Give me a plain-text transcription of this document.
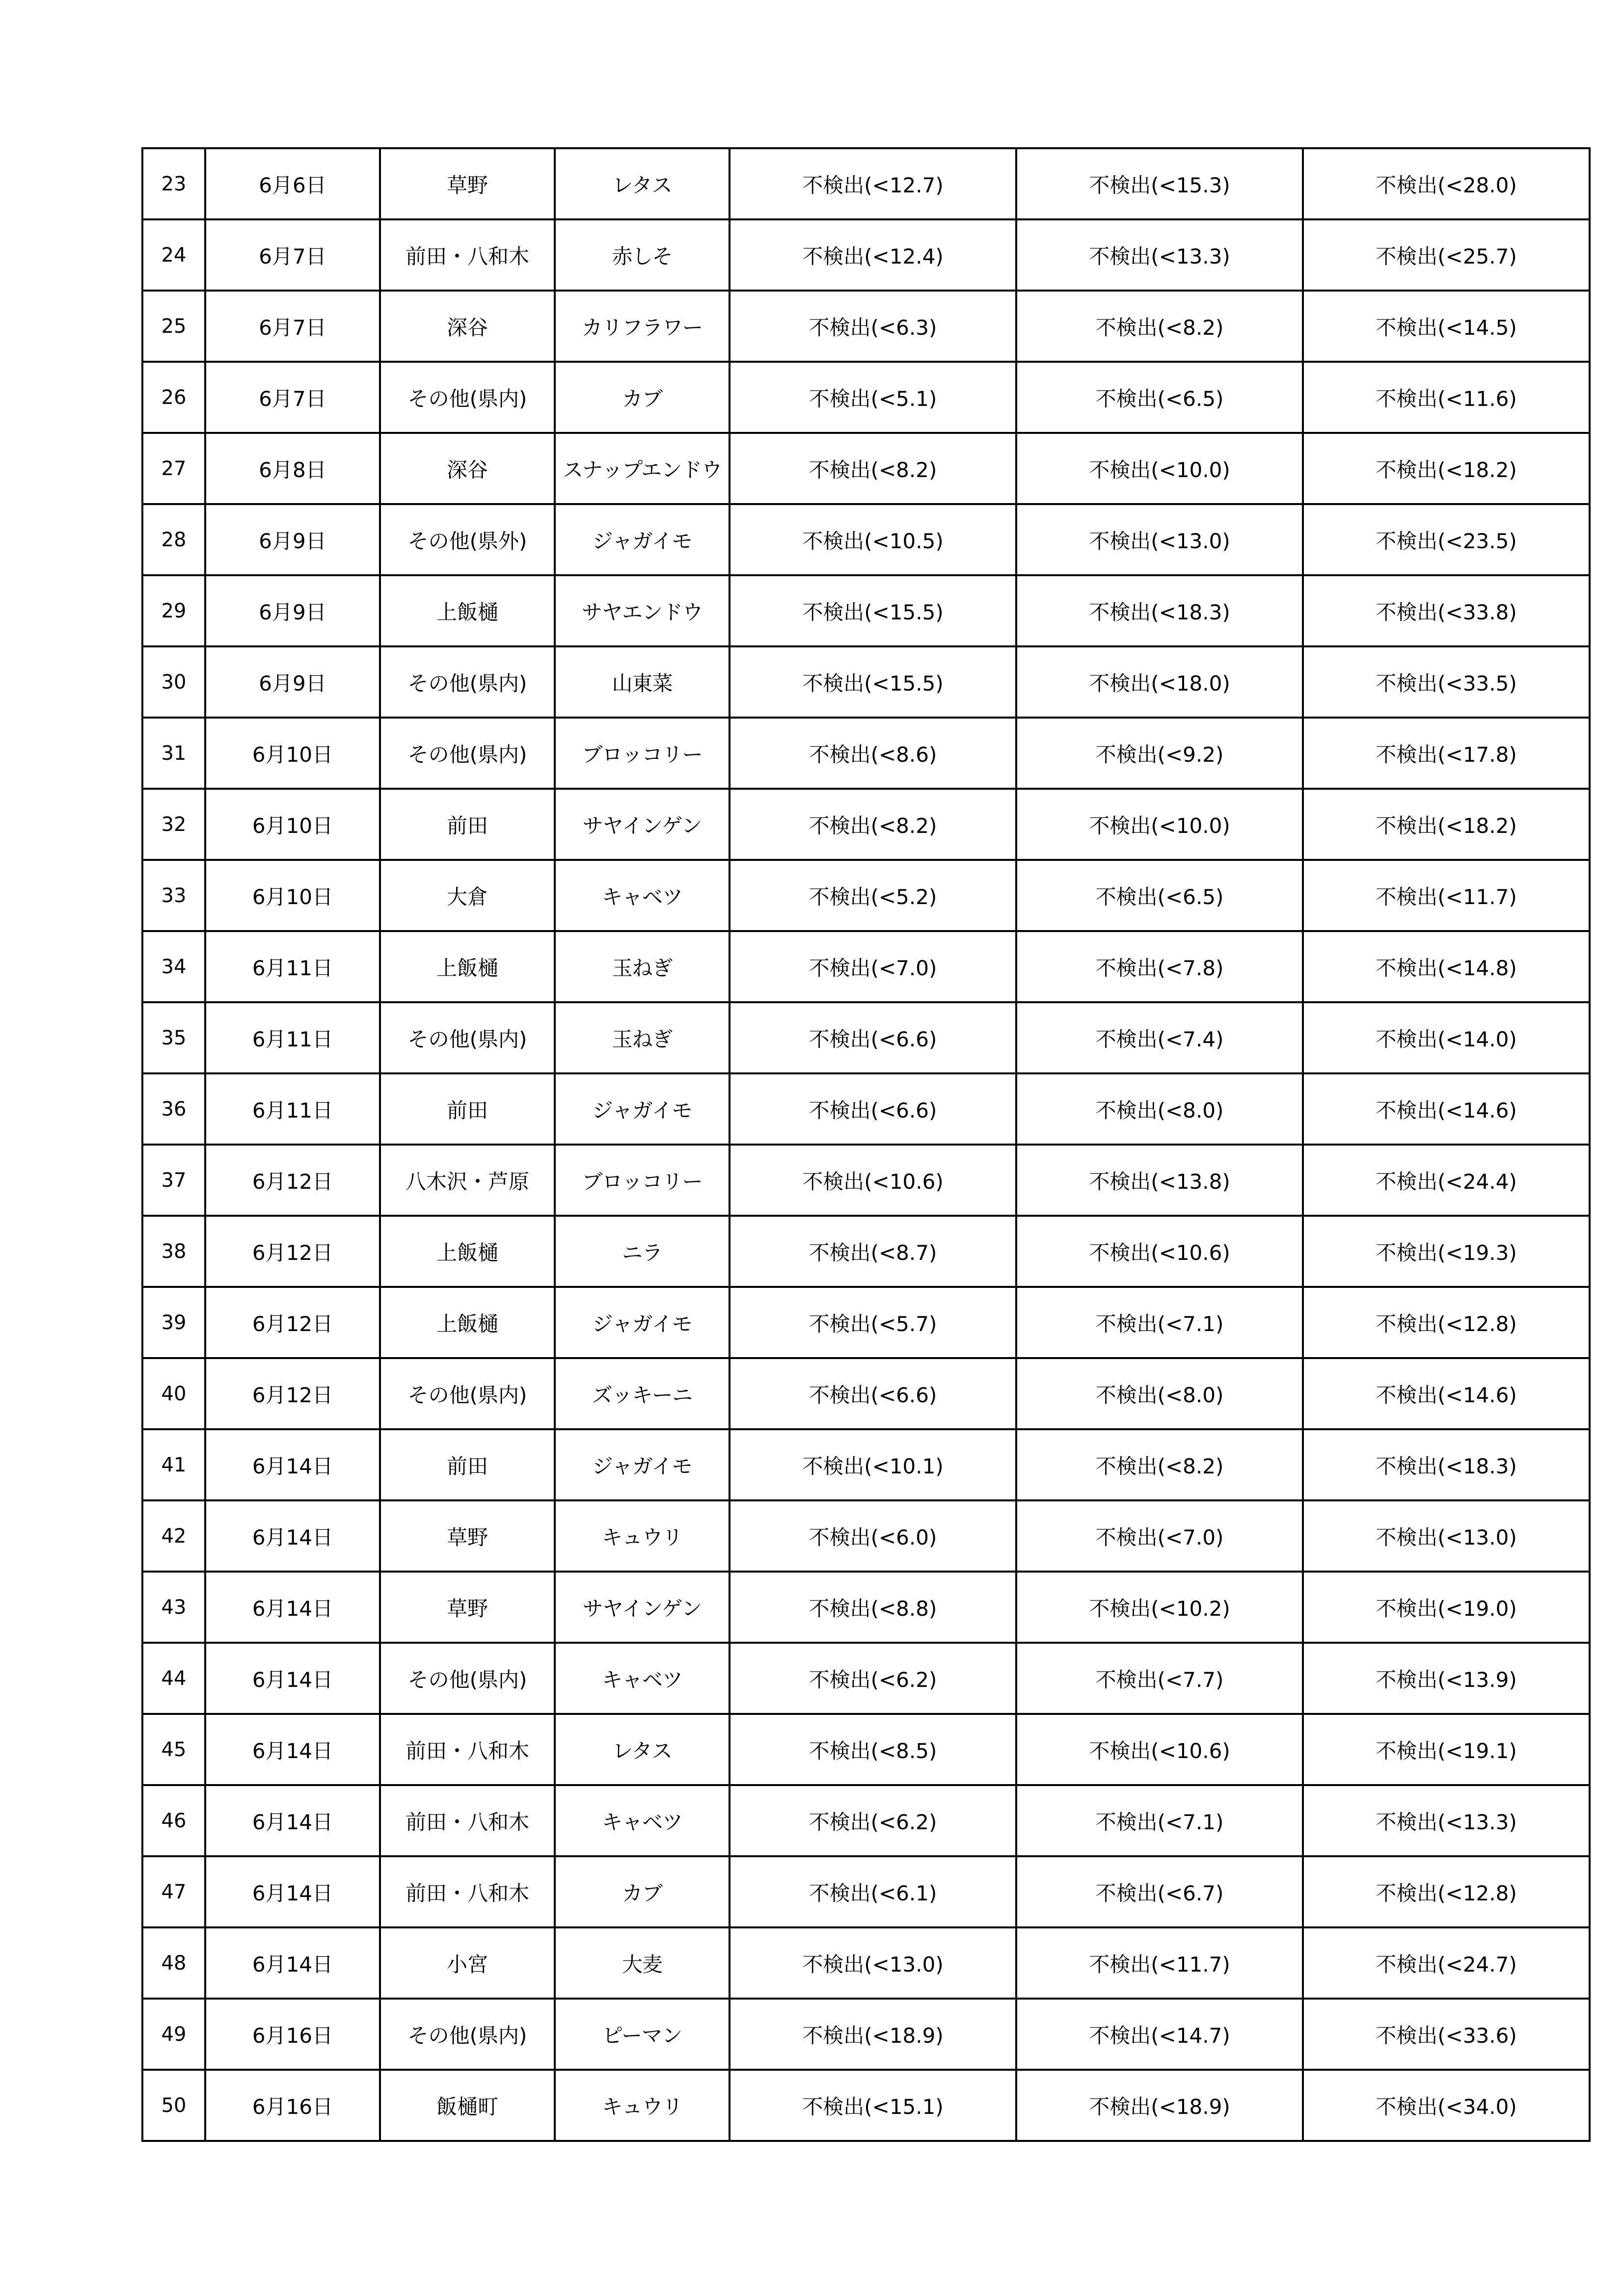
23	6月6日	草野	レタス	不検出(<12.7)	不検出(<15.3)	不検出(<28.0)
24	6月7日	前田・八和木	赤しそ	不検出(<12.4)	不検出(<13.3)	不検出(<25.7)
25	6月7日	深谷	カリフラワー	不検出(<6.3)	不検出(<8.2)	不検出(<14.5)
26	6月7日	その他(県内)	カブ	不検出(<5.1)	不検出(<6.5)	不検出(<11.6)
27	6月8日	深谷	スナップエンドウ	不検出(<8.2)	不検出(<10.0)	不検出(<18.2)
28	6月9日	その他(県外)	ジャガイモ	不検出(<10.5)	不検出(<13.0)	不検出(<23.5)
29	6月9日	上飯樋	サヤエンドウ	不検出(<15.5)	不検出(<18.3)	不検出(<33.8)
30	6月9日	その他(県内)	山東菜	不検出(<15.5)	不検出(<18.0)	不検出(<33.5)
31	6月10日	その他(県内)	ブロッコリー	不検出(<8.6)	不検出(<9.2)	不検出(<17.8)
32	6月10日	前田	サヤインゲン	不検出(<8.2)	不検出(<10.0)	不検出(<18.2)
33	6月10日	大倉	キャベツ	不検出(<5.2)	不検出(<6.5)	不検出(<11.7)
34	6月11日	上飯樋	玉ねぎ	不検出(<7.0)	不検出(<7.8)	不検出(<14.8)
35	6月11日	その他(県内)	玉ねぎ	不検出(<6.6)	不検出(<7.4)	不検出(<14.0)
36	6月11日	前田	ジャガイモ	不検出(<6.6)	不検出(<8.0)	不検出(<14.6)
37	6月12日	八木沢・芦原	ブロッコリー	不検出(<10.6)	不検出(<13.8)	不検出(<24.4)
38	6月12日	上飯樋	ニラ	不検出(<8.7)	不検出(<10.6)	不検出(<19.3)
39	6月12日	上飯樋	ジャガイモ	不検出(<5.7)	不検出(<7.1)	不検出(<12.8)
40	6月12日	その他(県内)	ズッキーニ	不検出(<6.6)	不検出(<8.0)	不検出(<14.6)
41	6月14日	前田	ジャガイモ	不検出(<10.1)	不検出(<8.2)	不検出(<18.3)
42	6月14日	草野	キュウリ	不検出(<6.0)	不検出(<7.0)	不検出(<13.0)
43	6月14日	草野	サヤインゲン	不検出(<8.8)	不検出(<10.2)	不検出(<19.0)
44	6月14日	その他(県内)	キャベツ	不検出(<6.2)	不検出(<7.7)	不検出(<13.9)
45	6月14日	前田・八和木	レタス	不検出(<8.5)	不検出(<10.6)	不検出(<19.1)
46	6月14日	前田・八和木	キャベツ	不検出(<6.2)	不検出(<7.1)	不検出(<13.3)
47	6月14日	前田・八和木	カブ	不検出(<6.1)	不検出(<6.7)	不検出(<12.8)
48	6月14日	小宮	大麦	不検出(<13.0)	不検出(<11.7)	不検出(<24.7)
49	6月16日	その他(県内)	ピーマン	不検出(<18.9)	不検出(<14.7)	不検出(<33.6)
50	6月16日	飯樋町	キュウリ	不検出(<15.1)	不検出(<18.9)	不検出(<34.0)
